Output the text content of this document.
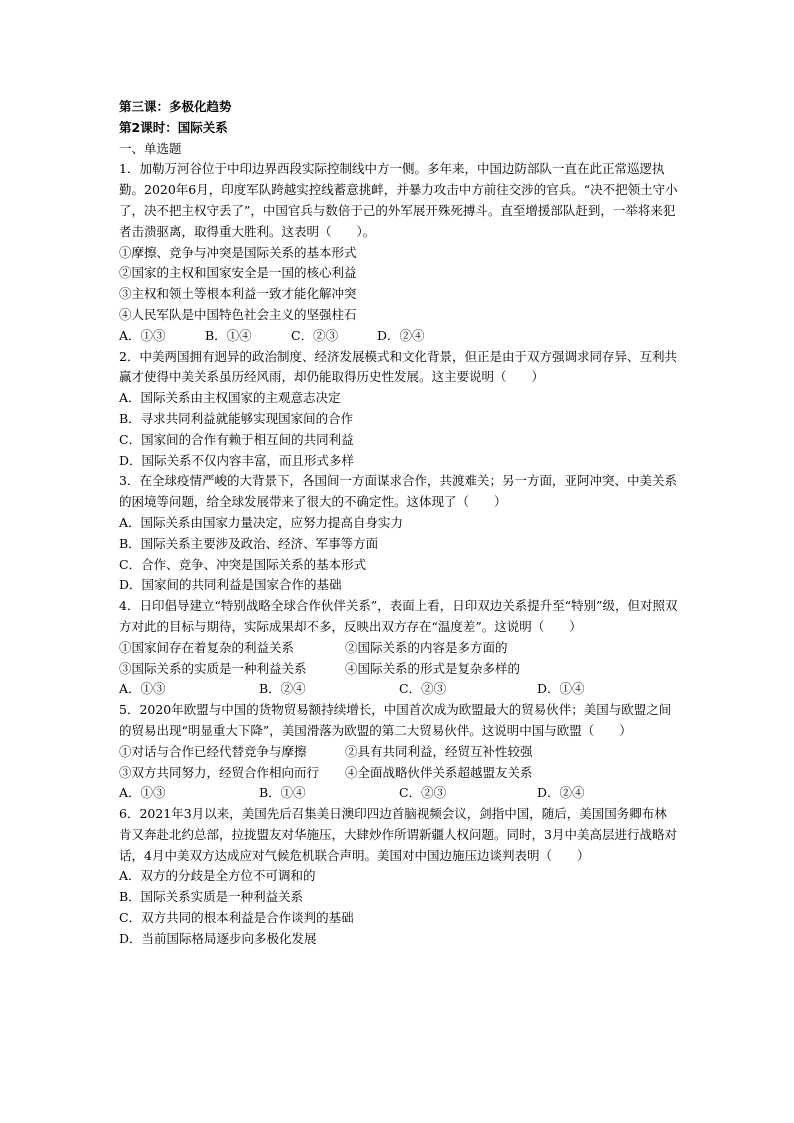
第三课：多极化趋势
第2课时：国际关系
一、单选题
1．加勒万河谷位于中印边界西段实际控制线中方一侧。多年来，中国边防部队一直在此正常巡逻执勤。2020年6月，印度军队跨越实控线蓄意挑衅，并暴力攻击中方前往交涉的官兵。“决不把领土守小了，决不把主权守丢了”，中国官兵与数倍于己的外军展开殊死搏斗。直至增援部队赶到，一举将来犯者击溃驱离，取得重大胜利。这表明（　　）。
①摩擦、竞争与冲突是国际关系的基本形式
②国家的主权和国家安全是一国的核心利益
③主权和领土等根本利益一致才能化解冲突
④人民军队是中国特色社会主义的坚强柱石
A．①③	B．①④	C．②③	D．②④
2．中美两国拥有迥异的政治制度、经济发展模式和文化背景，但正是由于双方强调求同存异、互利共赢才使得中美关系虽历经风雨，却仍能取得历史性发展。这主要说明（　　）
A．国际关系由主权国家的主观意志决定
B．寻求共同利益就能够实现国家间的合作
C．国家间的合作有赖于相互间的共同利益
D．国际关系不仅内容丰富，而且形式多样
3．在全球疫情严峻的大背景下，各国间一方面谋求合作，共渡难关；另一方面，亚阿冲突、中美关系的困境等问题，给全球发展带来了很大的不确定性。这体现了（　　）
A．国际关系由国家力量决定，应努力提高自身实力
B．国际关系主要涉及政治、经济、军事等方面
C．合作、竞争、冲突是国际关系的基本形式
D．国家间的共同利益是国家合作的基础
4．日印倡导建立“特别战略全球合作伙伴关系”，表面上看，日印双边关系提升至“特别”级，但对照双方对此的目标与期待，实际成果却不多，反映出双方存在“温度差”。这说明（　　）
①国家间存在着复杂的利益关系	②国际关系的内容是多方面的
③国际关系的实质是一种利益关系	④国际关系的形式是复杂多样的
A．①③	B．②④	C．②③	D．①④
5．2020年欧盟与中国的货物贸易额持续增长，中国首次成为欧盟最大的贸易伙伴；美国与欧盟之间的贸易出现“明显重大下降”，美国滑落为欧盟的第二大贸易伙伴。这说明中国与欧盟（　　）
①对话与合作已经代替竞争与摩擦	②具有共同利益，经贸互补性较强
③双方共同努力，经贸合作相向而行	④全面战略伙伴关系超越盟友关系
A．①③	B．①④	C．②③	D．②④
6．2021年3月以来，美国先后召集美日澳印四边首脑视频会议，剑指中国，随后，美国国务卿布林肯又奔赴北约总部，拉拢盟友对华施压，大肆炒作所谓新疆人权问题。同时，3月中美高层进行战略对话，4月中美双方达成应对气候危机联合声明。美国对中国边施压边谈判表明（　　）
A．双方的分歧是全方位不可调和的
B．国际关系实质是一种利益关系
C．双方共同的根本利益是合作谈判的基础
D．当前国际格局逐步向多极化发展
